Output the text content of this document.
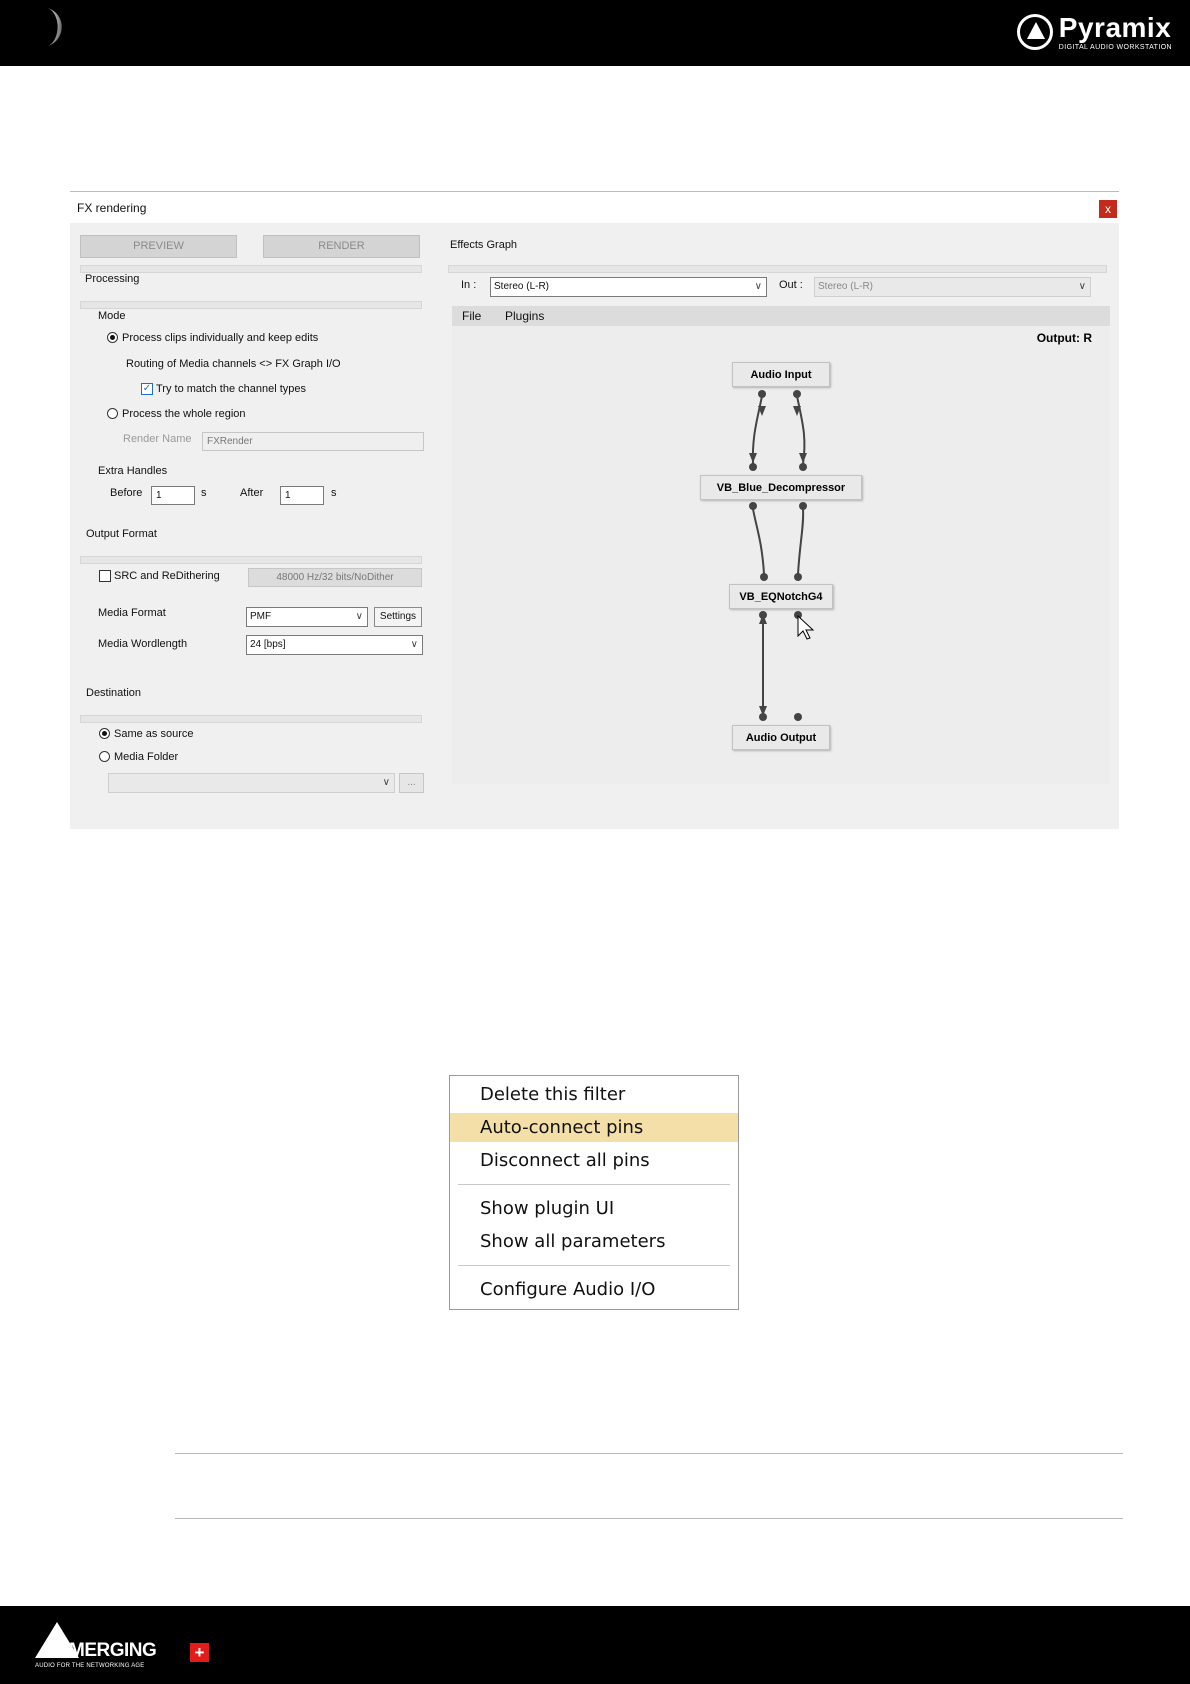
Pyramix
DIGITAL AUDIO WORKSTATION
FX rendering	x
PREVIEW	RENDER
Processing
Mode
Process clips individually and keep edits
Routing of Media channels <> FX Graph I/O
✓ Try to match the channel types
Process the whole region
Render Name	FXRender
Extra Handles
Before	1	s	After	1	s
Output Format
SRC and ReDithering	48000 Hz/32 bits/NoDither
Media Format	PMF	∨	Settings
Media Wordlength	24 [bps]	∨
Destination
Same as source
Media Folder
∨	...
Effects Graph
In :	Stereo (L-R)	∨ Out :	Stereo (L-R)	∨
File Plugins
Output: R
Audio Input
VB_Blue_Decompressor
VB_EQNotchG4
Audio Output
Delete this filter
Auto-connect pins
Disconnect all pins
Show plugin UI
Show all parameters
Configure Audio I/O
MERGING +
AUDIO FOR THE NETWORKING AGE
